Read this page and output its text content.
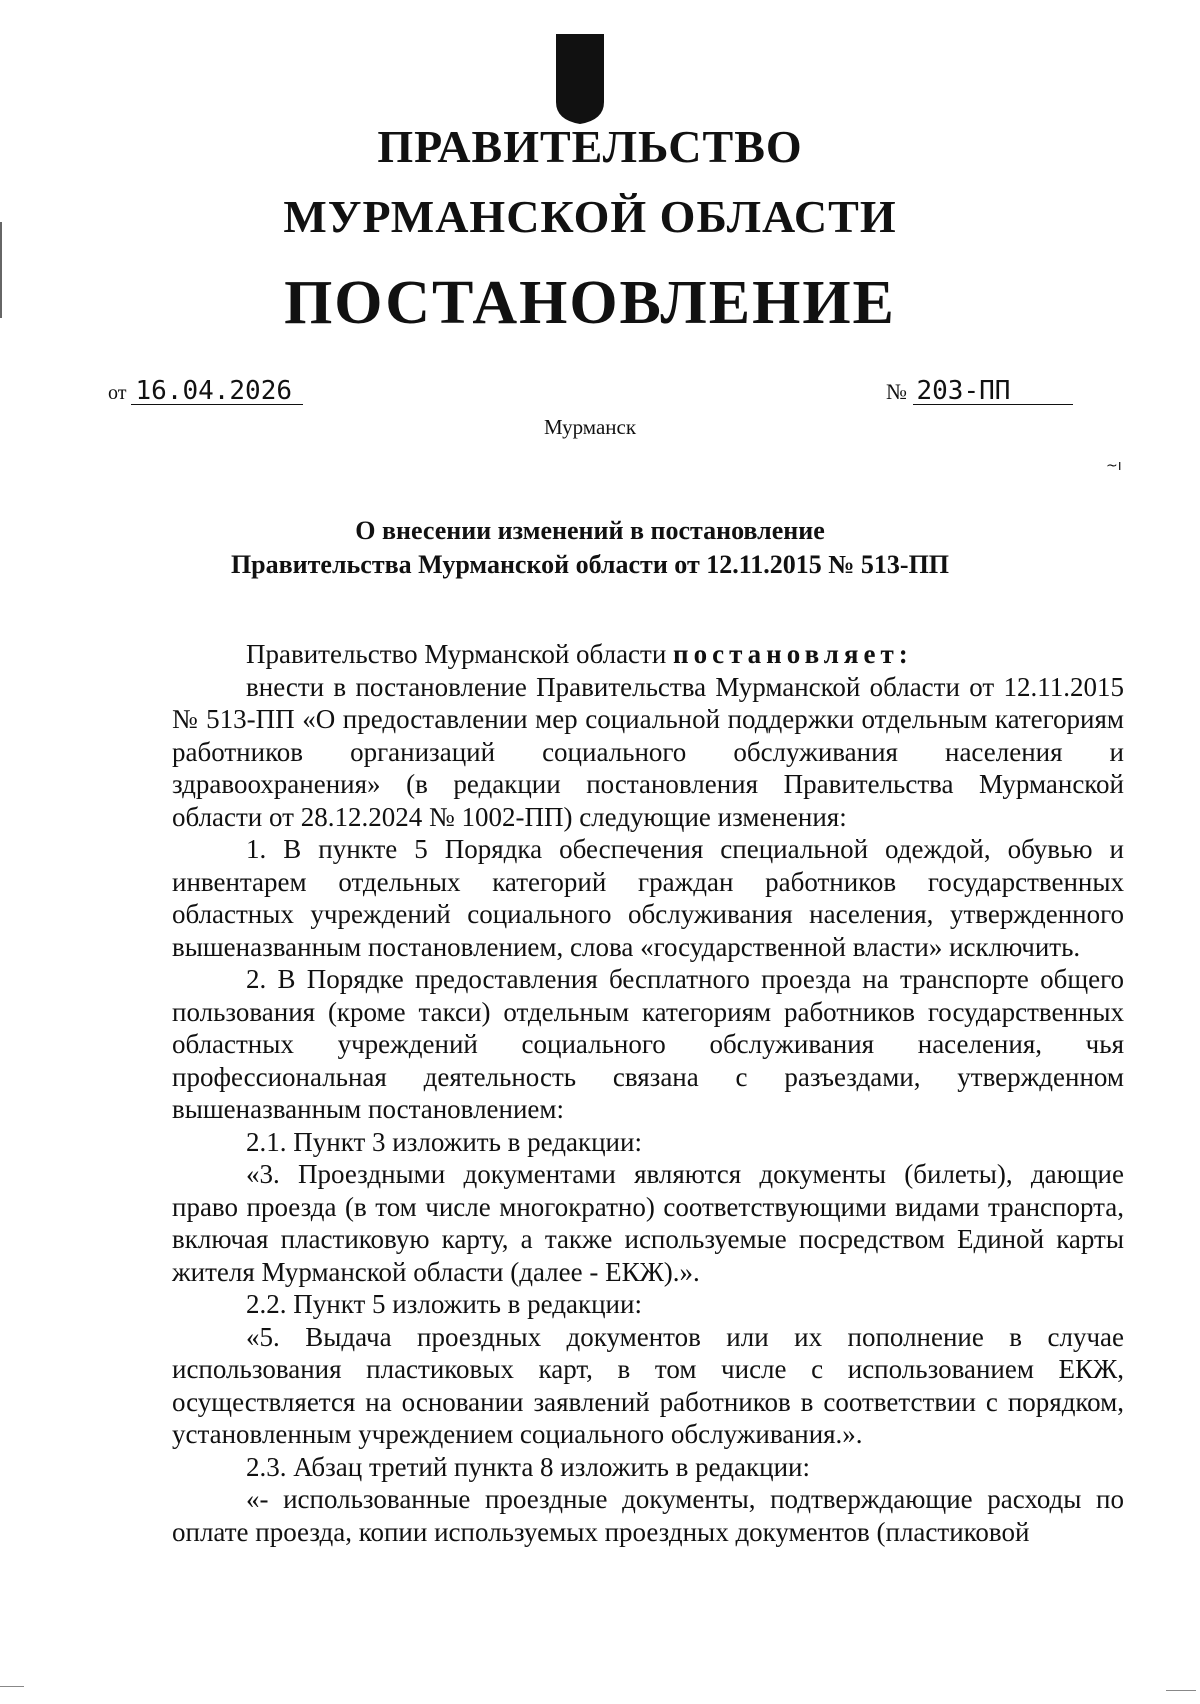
ПРАВИТЕЛЬСТВО
МУРМАНСКОЙ ОБЛАСТИ
ПОСТАНОВЛЕНИЕ
от 16.04.2026	№ 203-ПП
Мурманск
~ı
О внесении изменений в постановление
Правительства Мурманской области от 12.11.2015 № 513-ПП

Правительство Мурманской области постановляет:

внести в постановление Правительства Мурманской области от 12.11.2015 № 513-ПП «О предоставлении мер социальной поддержки отдельным категориям работников организаций социального обслуживания населения и здравоохранения» (в редакции постановления Правительства Мурманской области от 28.12.2024 № 1002-ПП) следующие изменения:

1. В пункте 5 Порядка обеспечения специальной одеждой, обувью и инвентарем отдельных категорий граждан работников государственных областных учреждений социального обслуживания населения, утвержденного вышеназванным постановлением, слова «государственной власти» исключить.

2. В Порядке предоставления бесплатного проезда на транспорте общего пользования (кроме такси) отдельным категориям работников государственных областных учреждений социального обслуживания населения, чья профессиональная деятельность связана с разъездами, утвержденном вышеназванным постановлением:

2.1. Пункт 3 изложить в редакции:

«3. Проездными документами являются документы (билеты), дающие право проезда (в том числе многократно) соответствующими видами транспорта, включая пластиковую карту, а также используемые посредством Единой карты жителя Мурманской области (далее - ЕКЖ).».

2.2. Пункт 5 изложить в редакции:

«5. Выдача проездных документов или их пополнение в случае использования пластиковых карт, в том числе с использованием ЕКЖ, осуществляется на основании заявлений работников в соответствии с порядком, установленным учреждением социального обслуживания.».

2.3. Абзац третий пункта 8 изложить в редакции:

«- использованные проездные документы, подтверждающие расходы по оплате проезда, копии используемых проездных документов (пластиковой
